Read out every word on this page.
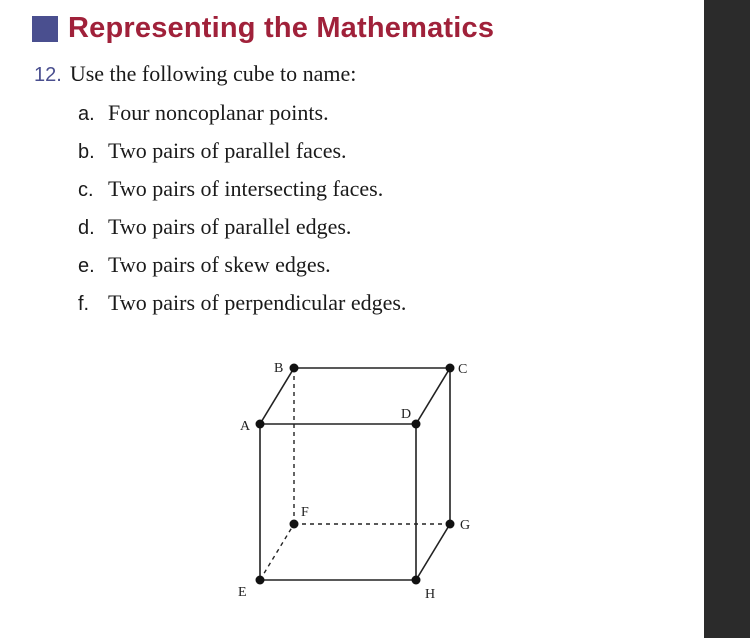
Representing the Mathematics
12. Use the following cube to name:
a. Four noncoplanar points.
b. Two pairs of parallel faces.
c. Two pairs of intersecting faces.
d. Two pairs of parallel edges.
e. Two pairs of skew edges.
f. Two pairs of perpendicular edges.
A
B	C
D
E
F
G
H
